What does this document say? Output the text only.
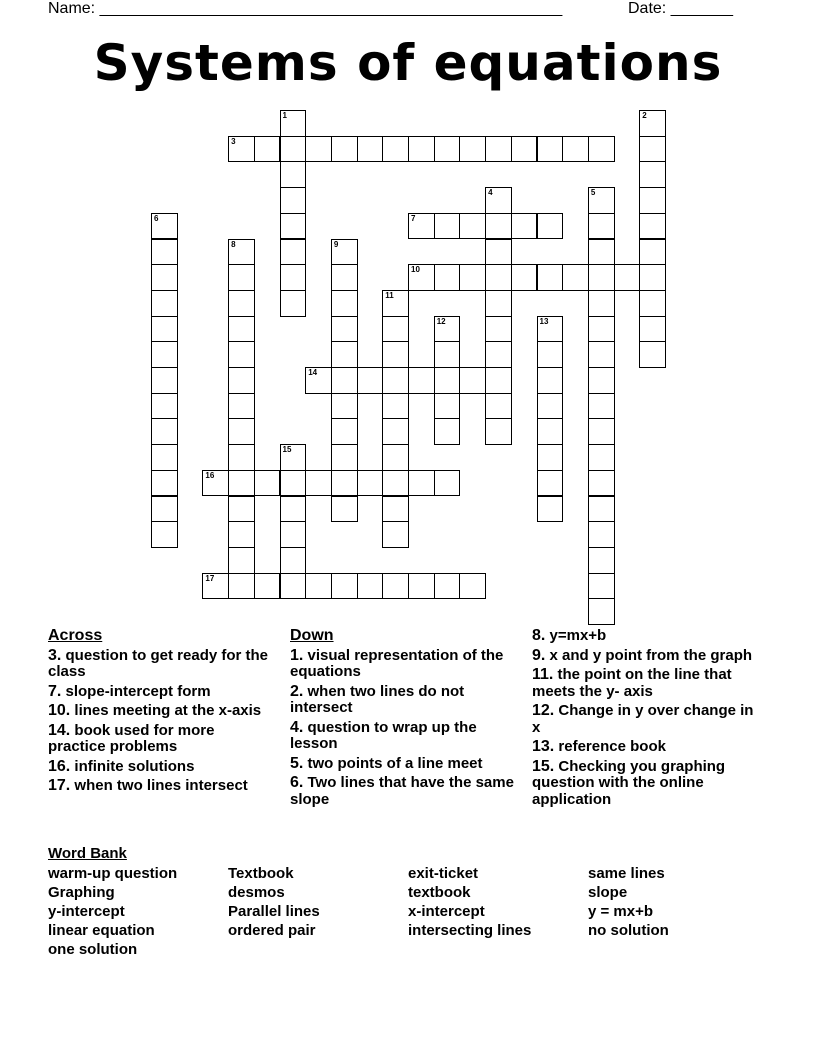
Name: ____________________________________________________	Date: _______
Systems of equations
1	2
3
4	5
6	7
8	9
10
11
12	13
14
15
16
17
Across
3. question to get ready for the class
7. slope-intercept form
10. lines meeting at the x-axis
14. book used for more practice problems
16. infinite solutions
17. when two lines intersect
Down
1. visual representation of the equations
2. when two lines do not intersect
4. question to wrap up the lesson
5. two points of a line meet
6. Two lines that have the same slope
8. y=mx+b
9. x and y point from the graph
11. the point on the line that meets the y- axis
12. Change in y over change in x
13. reference book
15. Checking you graphing question with the online application
Word Bank
warm-up question
Graphing
y-intercept
linear equation
one solution
Textbook
desmos
Parallel lines
ordered pair
exit-ticket
textbook
x-intercept
intersecting lines
same lines
slope
y = mx+b
no solution
